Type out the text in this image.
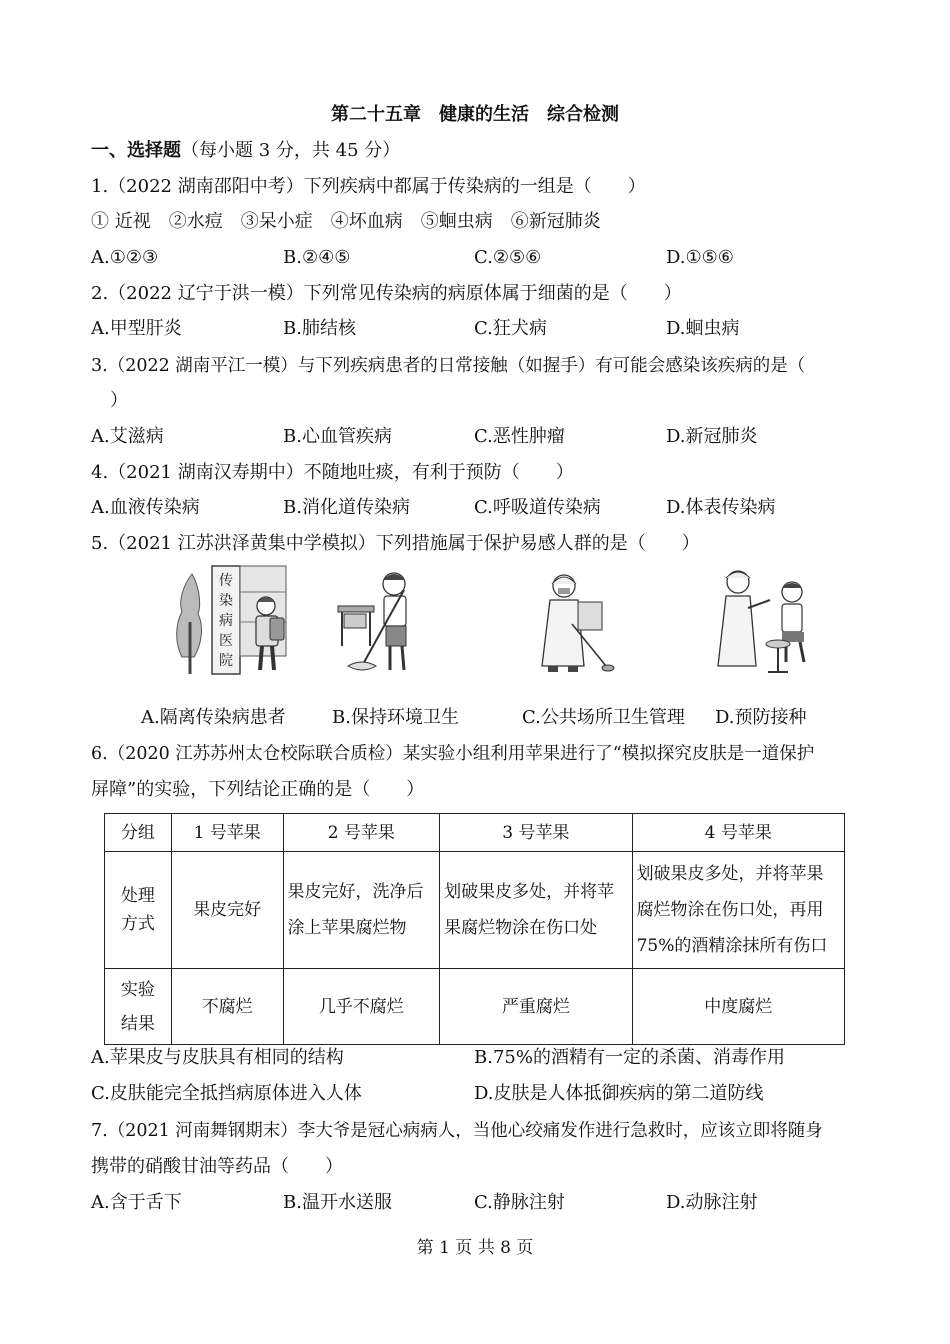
第二十五章　健康的生活　综合检测
一、选择题（每小题 3 分，共 45 分）
1.（2022 湖南邵阳中考）下列疾病中都属于传染病的一组是（　　）
① 近视　②水痘　③呆小症　④坏血病　⑤蛔虫病　⑥新冠肺炎
A.①②③	B.②④⑤	C.②⑤⑥	D.①⑤⑥
2.（2022 辽宁于洪一模）下列常见传染病的病原体属于细菌的是（　　）
A.甲型肝炎	B.肺结核	C.狂犬病	D.蛔虫病
3.（2022 湖南平江一模）与下列疾病患者的日常接触（如握手）有可能会感染该疾病的是（
）
A.艾滋病	B.心血管疾病	C.恶性肿瘤	D.新冠肺炎
4.（2021 湖南汉寿期中）不随地吐痰，有利于预防（　　）
A.血液传染病	B.消化道传染病	C.呼吸道传染病	D.体表传染病
5.（2021 江苏洪泽黄集中学模拟）下列措施属于保护易感人群的是（　　）
传
染
病
医
院
A.隔离传染病患者	B.保持环境卫生	C.公共场所卫生管理 D.预防接种
6.（2020 江苏苏州太仓校际联合质检）某实验小组利用苹果进行了“模拟探究皮肤是一道保护
屏障”的实验，下列结论正确的是（　　）
分组	1 号苹果	2 号苹果	3 号苹果	4 号苹果
处理
方式	果皮完好	果皮完好，洗净后涂上苹果腐烂物	划破果皮多处，并将苹果腐烂物涂在伤口处	划破果皮多处，并将苹果腐烂物涂在伤口处，再用 75%的酒精涂抹所有伤口
实验
结果	不腐烂	几乎不腐烂	严重腐烂	中度腐烂
A.苹果皮与皮肤具有相同的结构	B.75%的酒精有一定的杀菌、消毒作用
C.皮肤能完全抵挡病原体进入人体	D.皮肤是人体抵御疾病的第二道防线
7.（2021 河南舞钢期末）李大爷是冠心病病人，当他心绞痛发作进行急救时，应该立即将随身
携带的硝酸甘油等药品（　　）
A.含于舌下	B.温开水送服	C.静脉注射	D.动脉注射
第 1 页 共 8 页
